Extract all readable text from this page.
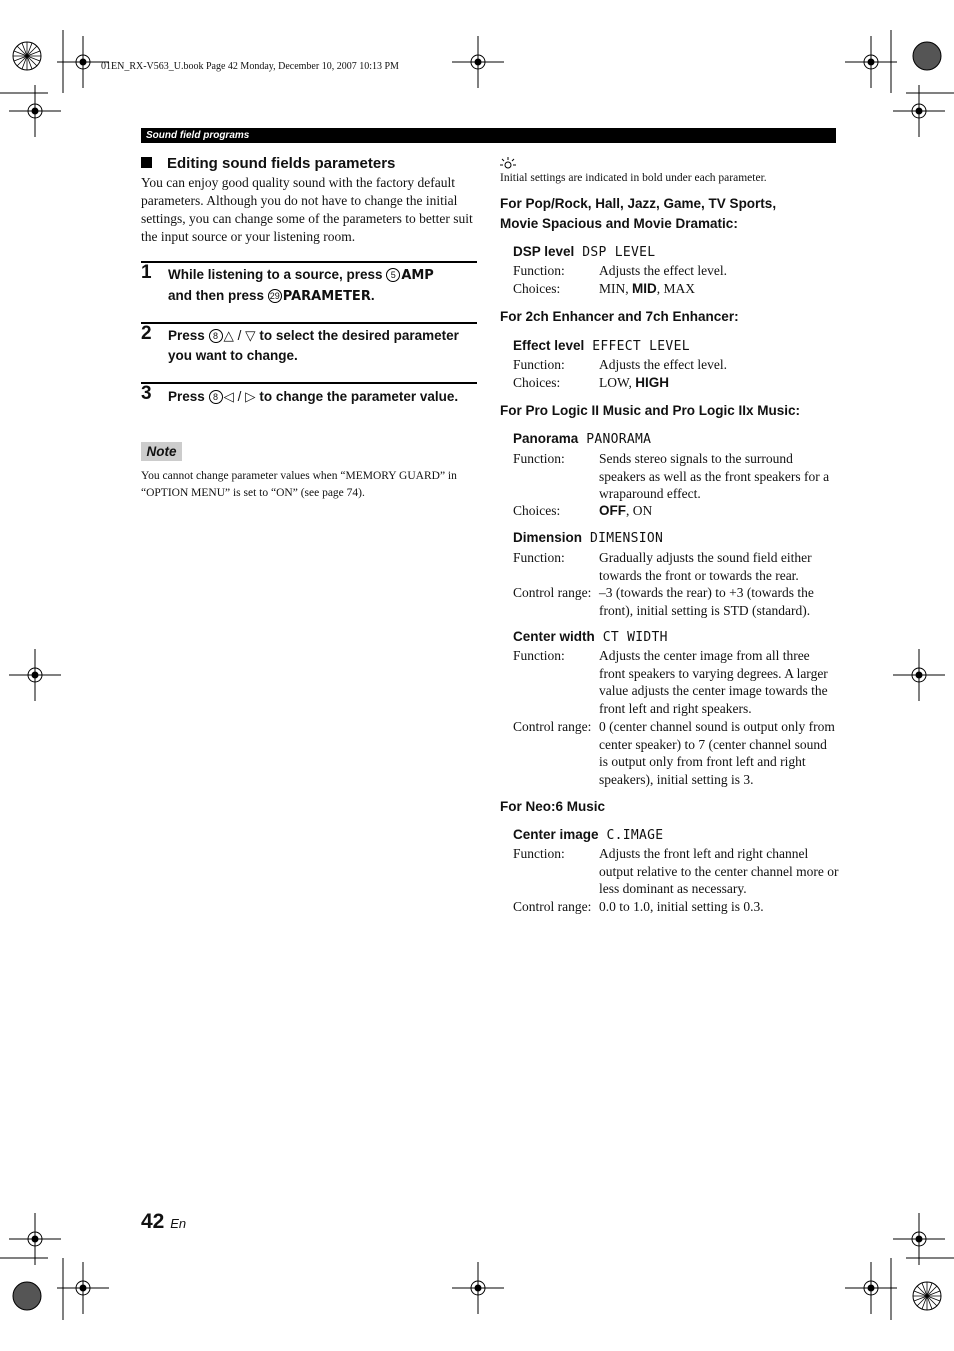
01EN_RX-V563_U.book Page 42 Monday, December 10, 2007 10:13 PM
Sound field programs
Editing sound fields parameters
You can enjoy good quality sound with the factory default parameters. Although you do not have to change the initial settings, you can change some of the parameters to better suit the input source or your listening room.
1 While listening to a source, press 5 AMP
and then press 29 PARAMETER.
2 Press 8 △ / ▽ to select the desired parameter you want to change.
3 Press 8 ◁ / ▷ to change the parameter value.
Note
You cannot change parameter values when “MEMORY GUARD” in “OPTION MENU” is set to “ON” (see page 74).
Initial settings are indicated in bold under each parameter.
For Pop/Rock, Hall, Jazz, Game, TV Sports,
Movie Spacious and Movie Dramatic:
DSP level DSP LEVEL
Function:	Adjusts the effect level.
Choices:	MIN, MID, MAX
For 2ch Enhancer and 7ch Enhancer:
Effect level EFFECT LEVEL
Function:	Adjusts the effect level.
Choices:	LOW, HIGH
For Pro Logic II Music and Pro Logic IIx Music:
Panorama PANORAMA
Function:	Sends stereo signals to the surround speakers as well as the front speakers for a wraparound effect.
Choices:	OFF, ON
Dimension DIMENSION
Function:	Gradually adjusts the sound field either towards the front or towards the rear.
Control range: –3 (towards the rear) to +3 (towards the front), initial setting is STD (standard).
Center width CT WIDTH
Function:	Adjusts the center image from all three front speakers to varying degrees. A larger value adjusts the center image towards the front left and right speakers.
Control range: 0 (center channel sound is output only from center speaker) to 7 (center channel sound is output only from front left and right speakers), initial setting is 3.
For Neo:6 Music
Center image C.IMAGE
Function:	Adjusts the front left and right channel output relative to the center channel more or less dominant as necessary.
Control range: 0.0 to 1.0, initial setting is 0.3.
42 En
